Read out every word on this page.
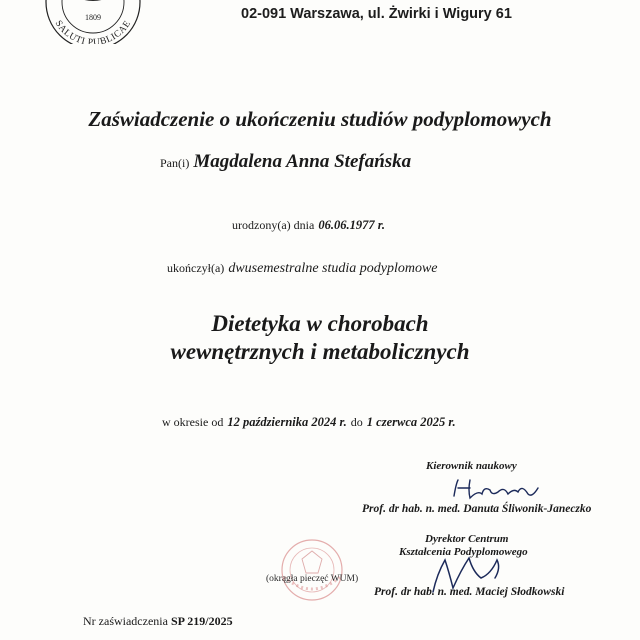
1809
SALUTI PUBLICAE
02-091 Warszawa, ul. Żwirki i Wigury 61
Zaświadczenie o ukończeniu studiów podyplomowych
Pan(i) Magdalena Anna Stefańska
urodzony(a) dnia 06.06.1977 r.
ukończył(a) dwusemestralne studia podyplomowe
Dietetyka w chorobach
wewnętrznych i metabolicznych
w okresie od 12 października 2024 r. do 1 czerwca 2025 r.
Kierownik naukowy
Prof. dr hab. n. med. Danuta Śliwonik-Janeczko
Dyrektor Centrum
Kształcenia Podyplomowego
(okrągła pieczęć WUM)
Prof. dr hab. n. med. Maciej Słodkowski
Nr zaświadczenia SP 219/2025
